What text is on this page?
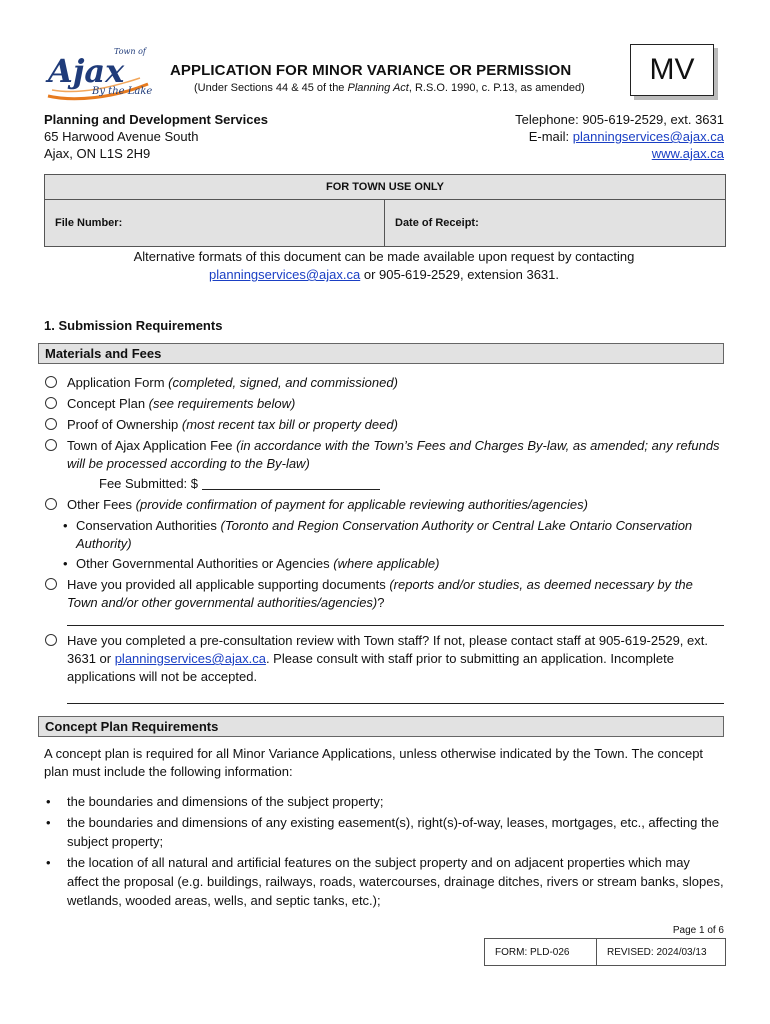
Ajax
Town of
By the Lake
APPLICATION FOR MINOR VARIANCE OR PERMISSION
(Under Sections 44 & 45 of the Planning Act, R.S.O. 1990, c. P.13, as amended)
MV
Planning and Development Services
65 Harwood Avenue South
Ajax, ON L1S 2H9
Telephone: 905-619-2529, ext. 3631
E-mail: planningservices@ajax.ca
www.ajax.ca
FOR TOWN USE ONLY
File Number:	Date of Receipt:
Alternative formats of this document can be made available upon request by contacting
planningservices@ajax.ca or 905-619-2529, extension 3631.
1. Submission Requirements
Materials and Fees
Application Form (completed, signed, and commissioned)
Concept Plan (see requirements below)
Proof of Ownership (most recent tax bill or property deed)
Town of Ajax Application Fee (in accordance with the Town’s Fees and Charges By-law, as amended; any refunds will be processed according to the By-law)
Fee Submitted: $
Other Fees (provide confirmation of payment for applicable reviewing authorities/agencies)
• Conservation Authorities (Toronto and Region Conservation Authority or Central Lake Ontario Conservation Authority)
• Other Governmental Authorities or Agencies (where applicable)
Have you provided all applicable supporting documents (reports and/or studies, as deemed necessary by the Town and/or other governmental authorities/agencies)?
Have you completed a pre-consultation review with Town staff? If not, please contact staff at 905-619-2529, ext. 3631 or planningservices@ajax.ca. Please consult with staff prior to submitting an application. Incomplete applications will not be accepted.
Concept Plan Requirements
A concept plan is required for all Minor Variance Applications, unless otherwise indicated by the Town. The concept plan must include the following information:
• the boundaries and dimensions of the subject property;
• the boundaries and dimensions of any existing easement(s), right(s)-of-way, leases, mortgages, etc., affecting the subject property;
• the location of all natural and artificial features on the subject property and on adjacent properties which may affect the proposal (e.g. buildings, railways, roads, watercourses, drainage ditches, rivers or stream banks, slopes, wetlands, wooded areas, wells, and septic tanks, etc.);
Page 1 of 6
FORM: PLD-026	REVISED: 2024/03/13
